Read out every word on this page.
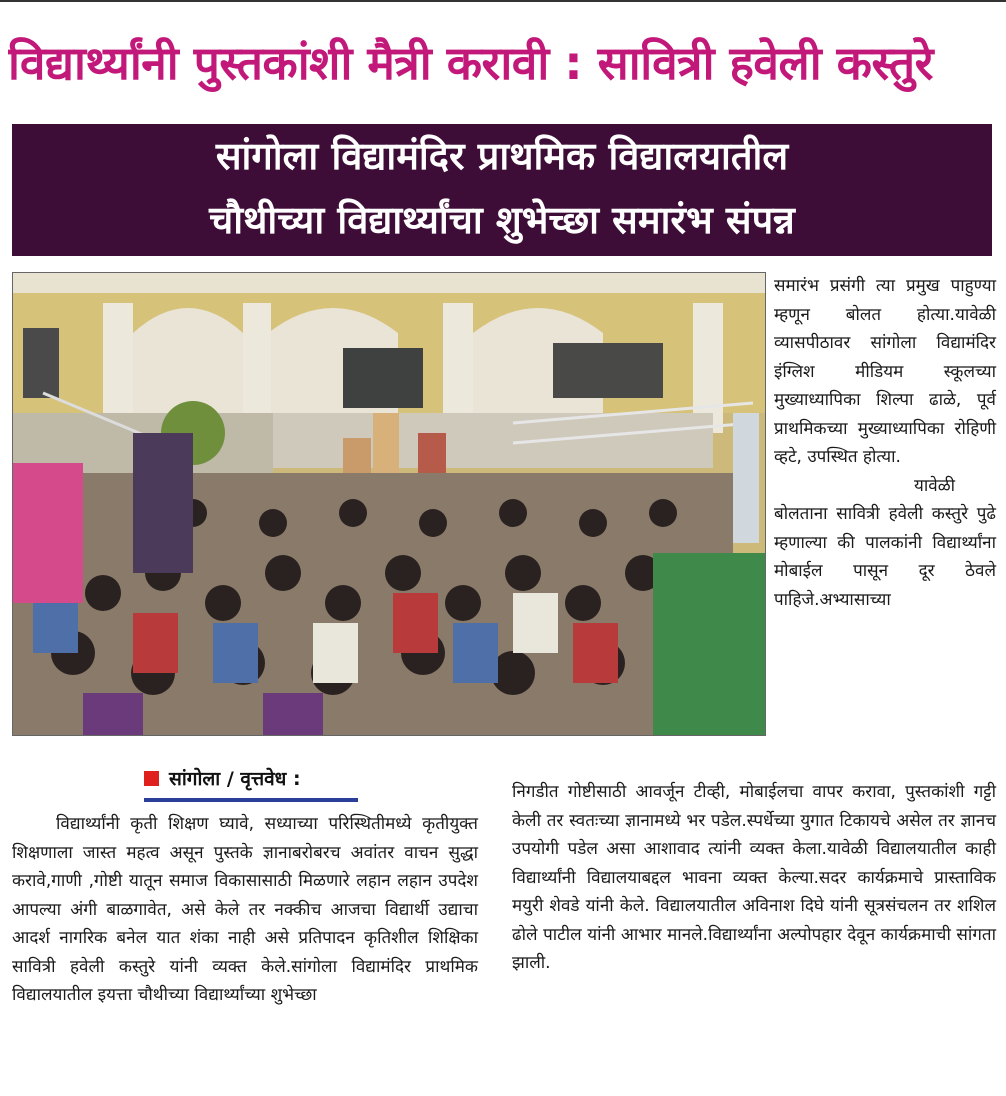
विद्यार्थ्यांनी पुस्तकांशी मैत्री करावी : सावित्री हवेली कस्तुरे
सांगोला विद्यामंदिर प्राथमिक विद्यालयातील
चौथीच्या विद्यार्थ्यांचा शुभेच्छा समारंभ संपन्न

समारंभ प्रसंगी त्या प्रमुख पाहुण्या म्हणून बोलत होत्या.यावेळी व्यासपीठावर सांगोला विद्यामंदिर इंग्लिश मीडियम स्कूलच्या मुख्याध्यापिका शिल्पा ढाळे, पूर्व प्राथमिकच्या मुख्याध्यापिका रोहिणी व्हटे, उपस्थित होत्या.

यावेळी बोलताना सावित्री हवेली कस्तुरे पुढे म्हणाल्या की पालकांनी विद्यार्थ्यांना मोबाईल पासून दूर ठेवले पाहिजे.अभ्यासाच्या

सांगोला / वृत्तवेध :

विद्यार्थ्यांनी कृती शिक्षण घ्यावे, सध्याच्या परिस्थितीमध्ये कृतीयुक्त शिक्षणाला जास्त महत्व असून पुस्तके ज्ञानाबरोबरच अवांतर वाचन सुद्धा करावे,गाणी ,गोष्टी यातून समाज विकासासाठी मिळणारे लहान लहान उपदेश आपल्या अंगी बाळगावेत, असे केले तर नक्कीच आजचा विद्यार्थी उद्याचा आदर्श नागरिक बनेल यात शंका नाही असे प्रतिपादन कृतिशील शिक्षिका सावित्री हवेली कस्तुरे यांनी व्यक्त केले.सांगोला विद्यामंदिर प्राथमिक विद्यालयातील इयत्ता चौथीच्या विद्यार्थ्यांच्या शुभेच्छा

निगडीत गोष्टीसाठी आवर्जून टीव्ही, मोबाईलचा वापर करावा, पुस्तकांशी गट्टी केली तर स्वतःच्या ज्ञानामध्ये भर पडेल.स्पर्धेच्या युगात टिकायचे असेल तर ज्ञानच उपयोगी पडेल असा आशावाद त्यांनी व्यक्त केला.यावेळी विद्यालयातील काही विद्यार्थ्यांनी विद्यालयाबद्दल भावना व्यक्त केल्या.सदर कार्यक्रमाचे प्रास्ताविक मयुरी शेवडे यांनी केले. विद्यालयातील अविनाश दिघे यांनी सूत्रसंचलन तर शशिल ढोले पाटील यांनी आभार मानले.विद्यार्थ्यांना अल्पोपहार देवून कार्यक्रमाची सांगता झाली.
